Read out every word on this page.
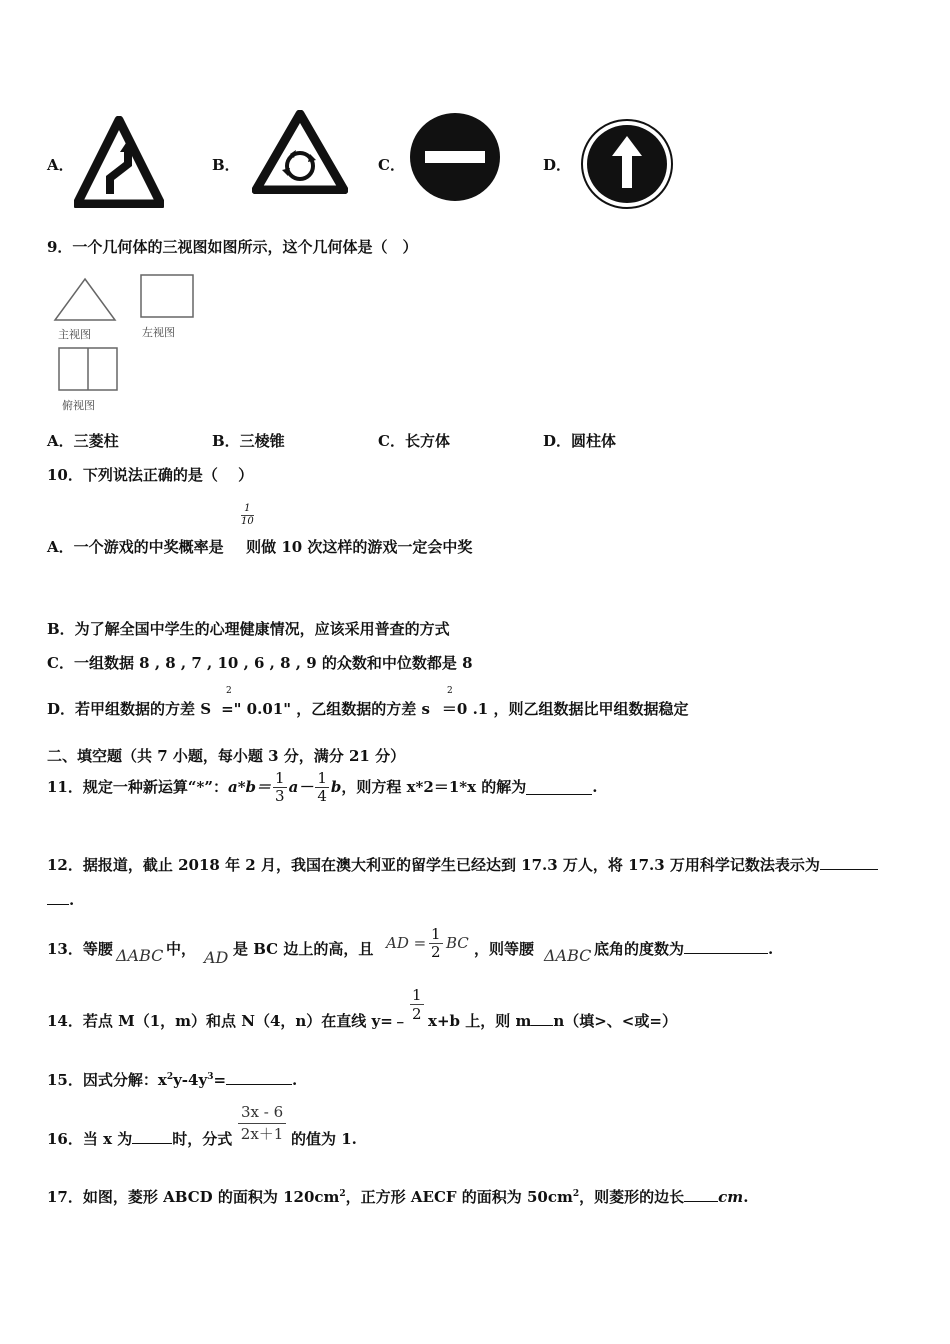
A．	B．	C．	D．
9．一个几何体的三视图如图所示，这个几何体是（　）
主视图	左视图
俯视图
A．三菱柱	B．三棱锥	C．长方体	D．圆柱体
10．下列说法正确的是（　 ）
$\frac{1}{10}$
A．一个游戏的中奖概率是 则做 10 次这样的游戏一定会中奖
B．为了解全国中学生的心理健康情况，应该采用普查的方式
C．一组数据 8 , 8 , 7 , 10 , 6 , 8 , 9 的众数和中位数都是 8
D．若甲组数据的方差 S =" 0.01" ，乙组数据的方差 s ＝0 .1 ，则乙组数据比甲组数据稳定
2	2
二、填空题（共 7 小题，每小题 3 分，满分 21 分）
11．规定一种新运算“*”：$a*b= \frac{1}{3} a- \frac{1}{4}$ b，则方程 x*2＝1*x 的解为	.
12．据报道，截止 2018 年 2 月，我国在澳大利亚的留学生已经达到 17.3 万人，将 17.3 万用科学记数法表示为
.
13．等腰 ΔABC 中， AD 是 BC 边上的高，且 AD = $\frac{1}{2}$ BC ，则等腰 ΔABC 底角的度数为	.
14．若点 M（1，m）和点 N（4，n）在直线 y=﹣ $\frac{1}{2} x+b$ 上，则 m n（填>、<或=）
15．因式分解：$x^2y-4y^3=$	.
16．当 x 为	时，分式 $\frac{3x - 6}{2x+1}$ 的值为 1.
17．如图，菱形 ABCD 的面积为 $120cm^2$，正方形 AECF 的面积为 $50cm^2$，则菱形的边长 cm.
